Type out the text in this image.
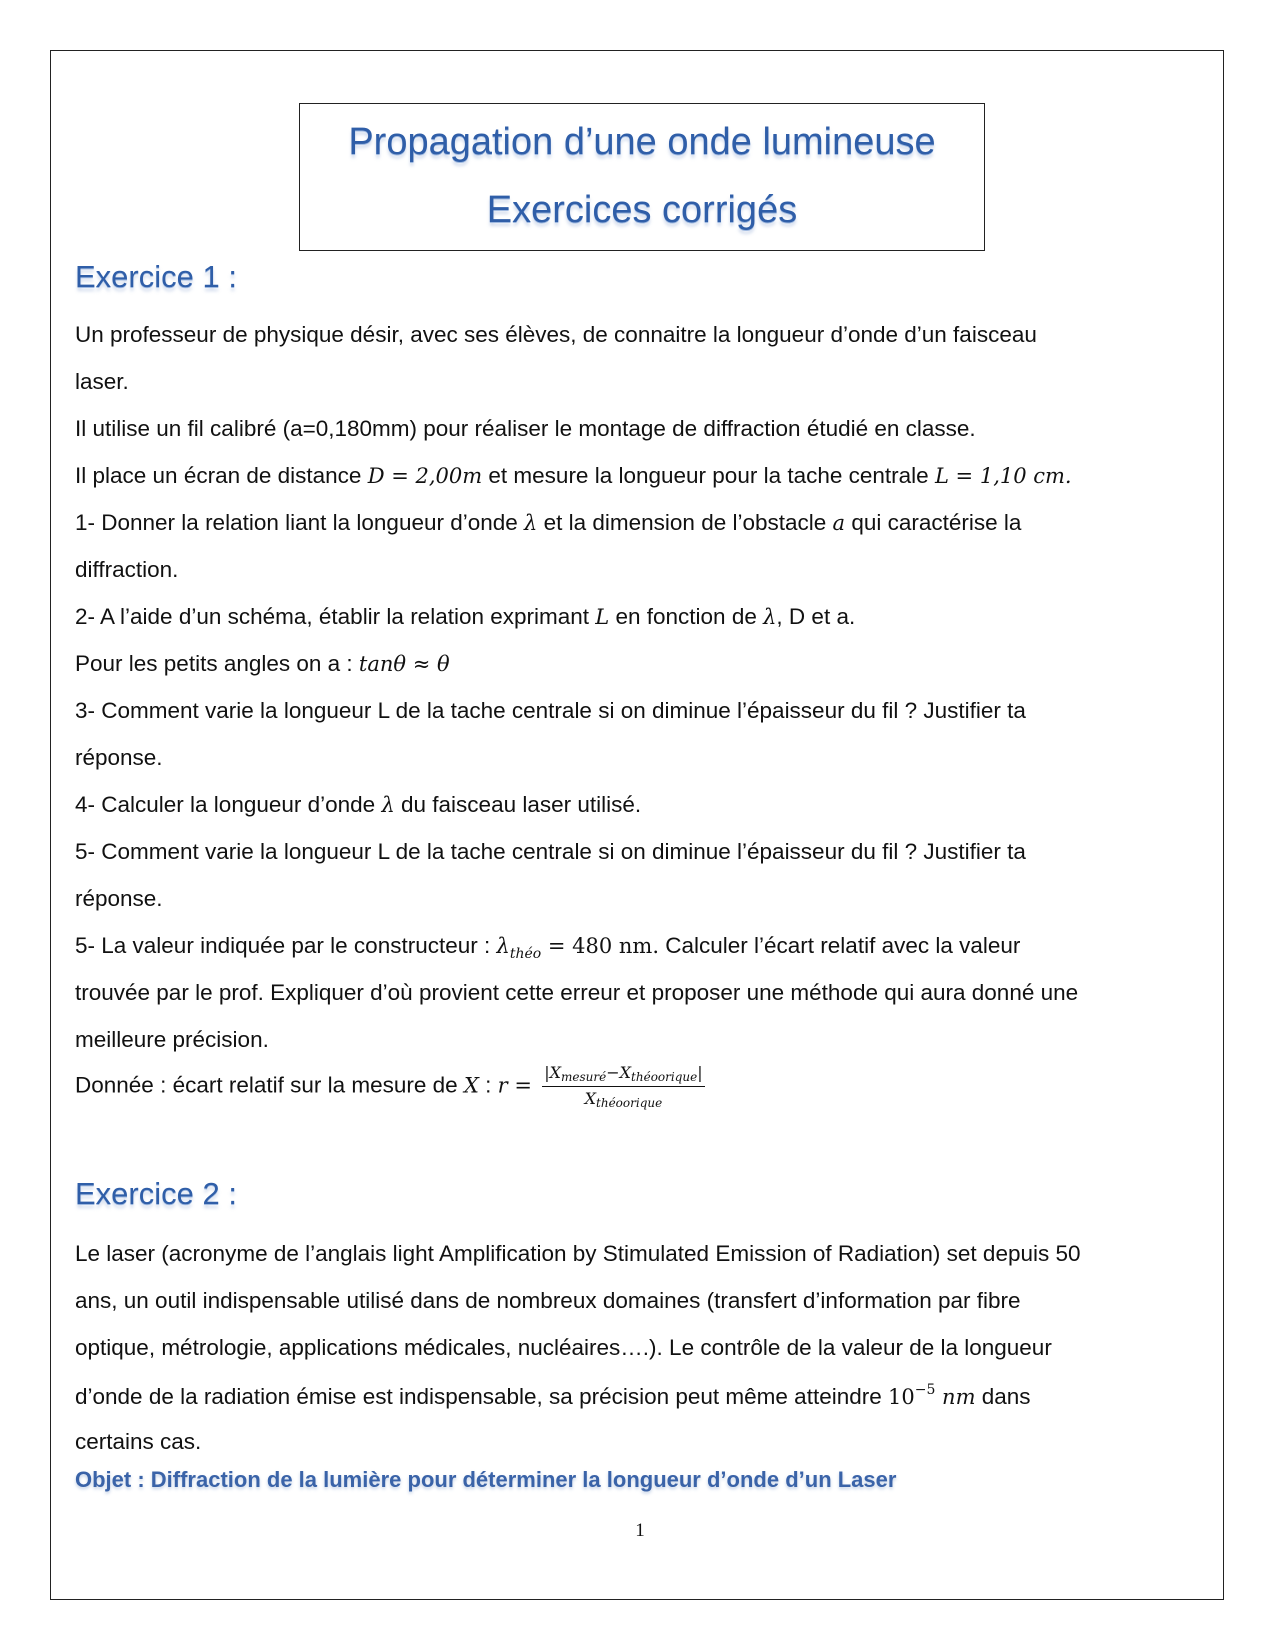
Propagation d’une onde lumineuse
Exercices corrigés
Exercice 1 :
Un professeur de physique désir, avec ses élèves, de connaitre la longueur d’onde d’un faisceau
laser.
Il utilise un fil calibré (a=0,180mm) pour réaliser le montage de diffraction étudié en classe.
Il place un écran de distance D = 2,00m et mesure la longueur pour la tache centrale L = 1,10 cm.
1- Donner la relation liant la longueur d’onde λ et la dimension de l’obstacle a qui caractérise la
diffraction.
2- A l’aide d’un schéma, établir la relation exprimant L en fonction de λ, D et a.
Pour les petits angles on a : tanθ ≈ θ
3- Comment varie la longueur L de la tache centrale si on diminue l’épaisseur du fil ? Justifier ta
réponse.
4- Calculer la longueur d’onde λ du faisceau laser utilisé.
5- Comment varie la longueur L de la tache centrale si on diminue l’épaisseur du fil ? Justifier ta
réponse.
5- La valeur indiquée par le constructeur : $\lambda_{théo} = 480$ nm. Calculer l’écart relatif avec la valeur
trouvée par le prof. Expliquer d’où provient cette erreur et proposer une méthode qui aura donné une
meilleure précision.
Donnée : écart relatif sur la mesure de X : $r = \frac{\text{|Xmesuré−Xthéoorique|}}{\text{Xthéoorique}}$
Exercice 2 :
Le laser (acronyme de l’anglais light Amplification by Stimulated Emission of Radiation) set depuis 50
ans, un outil indispensable utilisé dans de nombreux domaines (transfert d’information par fibre
optique, métrologie, applications médicales, nucléaires….). Le contrôle de la valeur de la longueur
d’onde de la radiation émise est indispensable, sa précision peut même atteindre $10^{-5}$ nm dans
certains cas.
Objet : Diffraction de la lumière pour déterminer la longueur d’onde d’un Laser
1
